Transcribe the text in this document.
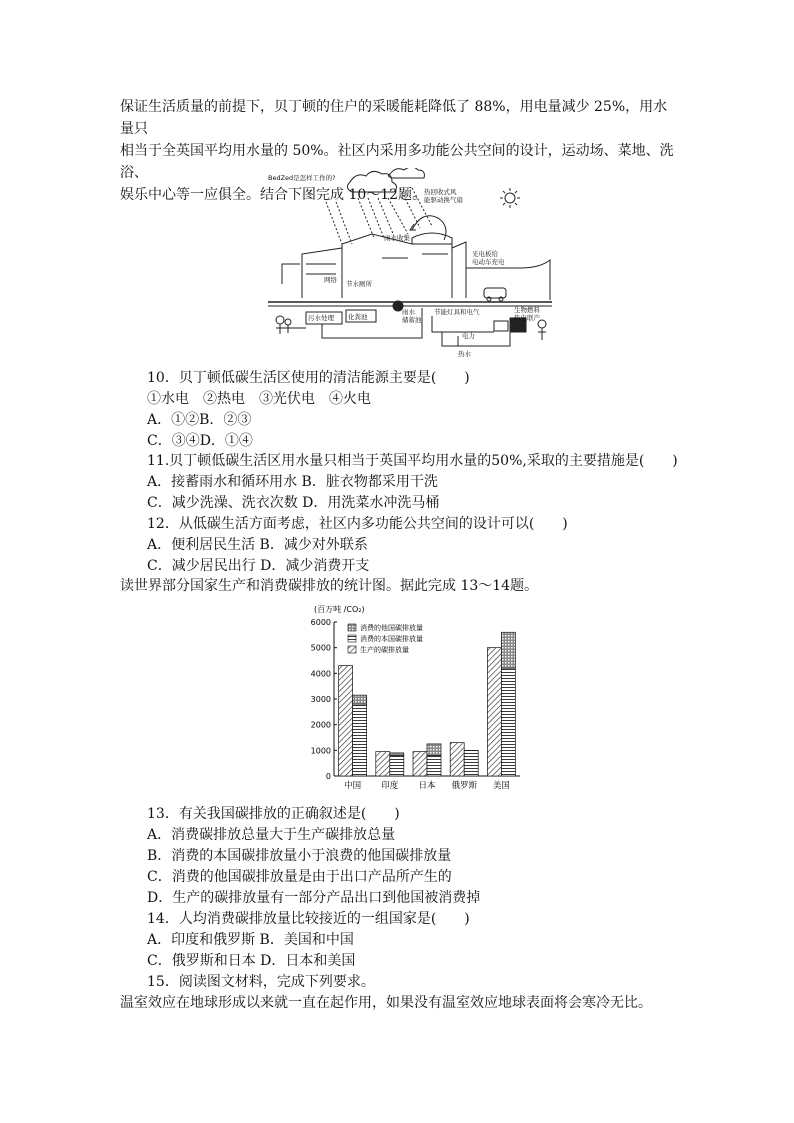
保证生活质量的前提下，贝丁顿的住户的采暖能耗降低了 88%，用电量减少 25%，用水量只
相当于全英国平均用水量的 50%。社区内采用多功能公共空间的设计，运动场、菜地、洗浴、
娱乐中心等一应俱全。结合下图完成 10～12题。
BedZed是怎样工作的?
热回收式风
能驱动换气扇
雨水收集
光电板给
电动车充电
节水厕所
网络
污水处理 化粪池
雨水
储蓄池
节能灯具和电气	生物燃料
热电联产
电力
热水
10．贝丁顿低碳生活区使用的清洁能源主要是(　　)
①水电　②热电　③光伏电　④火电
A．①②B．②③
C．③④D．①④
11.贝丁顿低碳生活区用水量只相当于英国平均用水量的50%,采取的主要措施是(　　)
A．接蓄雨水和循环用水 B．脏衣物都采用干洗
C．减少洗澡、洗衣次数 D．用洗菜水冲洗马桶
12．从低碳生活方面考虑，社区内多功能公共空间的设计可以(　　)
A．便利居民生活 B．减少对外联系
C．减少居民出行 D．减少消费开支
读世界部分国家生产和消费碳排放的统计图。据此完成 13～14题。
(百万吨 /CO₂)
0
1000
2000
3000
4000
5000
6000
消费的他国碳排放量
消费的本国碳排放量
生产的碳排放量
中国 印度 日本 俄罗斯 美国
13．有关我国碳排放的正确叙述是(　　)
A．消费碳排放总量大于生产碳排放总量
B．消费的本国碳排放量小于浪费的他国碳排放量
C．消费的他国碳排放量是由于出口产品所产生的
D．生产的碳排放量有一部分产品出口到他国被消费掉
14．人均消费碳排放量比较接近的一组国家是(　　)
A．印度和俄罗斯 B．美国和中国
C．俄罗斯和日本 D．日本和美国
15．阅读图文材料，完成下列要求。
温室效应在地球形成以来就一直在起作用，如果没有温室效应地球表面将会寒冷无比。
